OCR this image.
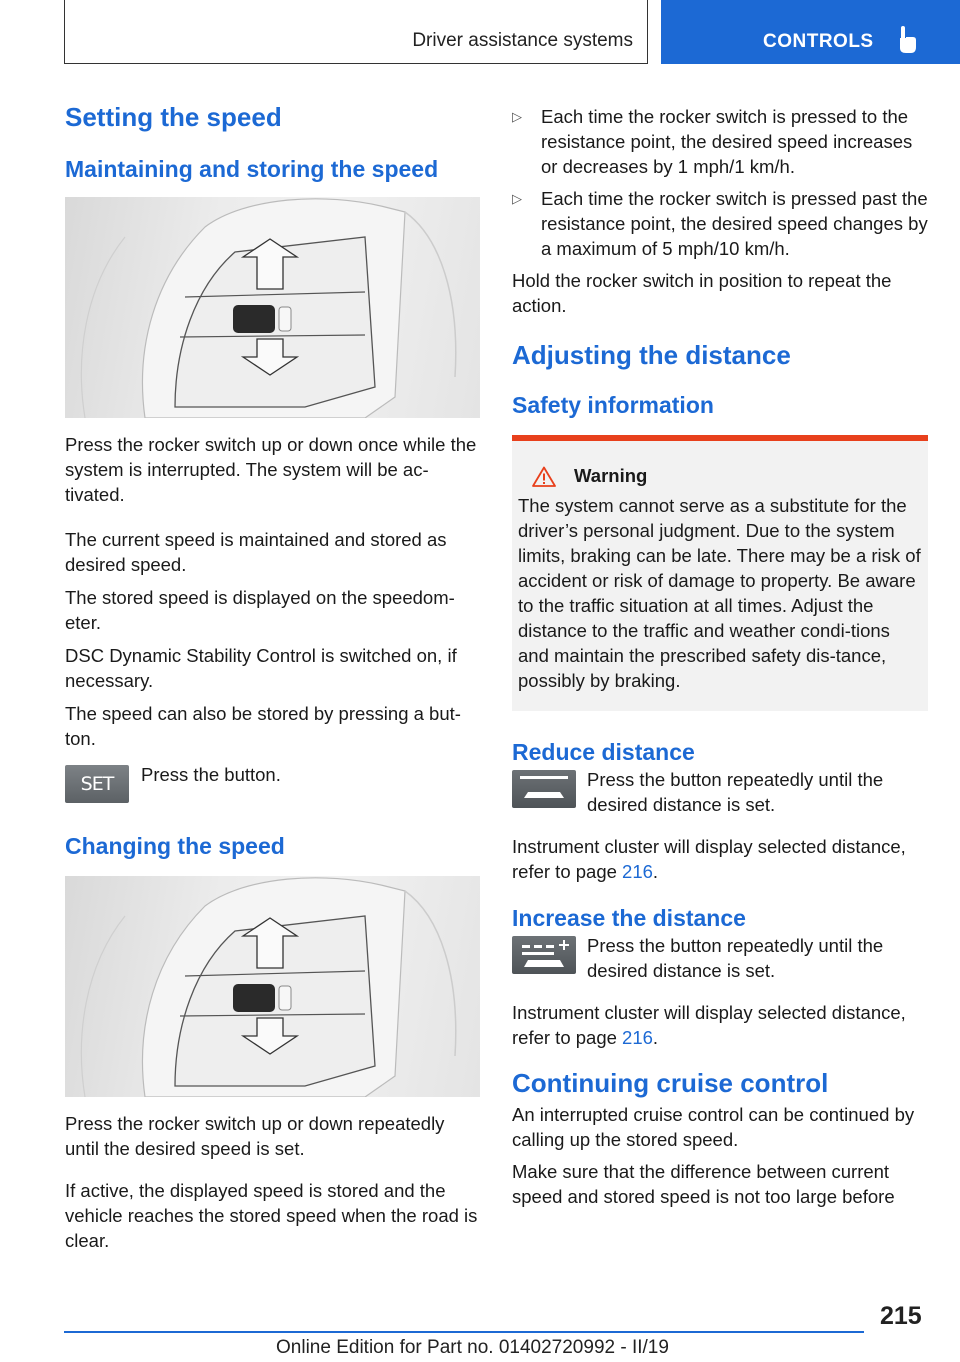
Driver assistance systems	CONTROLS
Setting the speed
Maintaining and storing the speed

Press the rocker switch up or down once while the system is interrupted. The system will be ac‐tivated.

The current speed is maintained and stored as desired speed.

The stored speed is displayed on the speedom‐eter.

DSC Dynamic Stability Control is switched on, if necessary.

The speed can also be stored by pressing a but‐ton.

SET	Press the button.

Changing the speed

Press the rocker switch up or down repeatedly until the desired speed is set.

If active, the displayed speed is stored and the vehicle reaches the stored speed when the road is clear.

▷	Each time the rocker switch is pressed to the resistance point, the desired speed increases or decreases by 1 mph/1 km/h.

▷	Each time the rocker switch is pressed past the resistance point, the desired speed changes by a maximum of 5 mph/10 km/h.

Hold the rocker switch in position to repeat the action.

Adjusting the distance
Safety information
Warning

The system cannot serve as a substitute for the driver’s personal judgment. Due to the system limits, braking can be late. There may be a risk of accident or risk of damage to property. Be aware to the traffic situation at all times. Adjust the distance to the traffic and weather condi‐tions and maintain the prescribed safety dis‐tance, possibly by braking.

Reduce distance

Press the button repeatedly until the desired distance is set.

Instrument cluster will display selected distance, refer to page 216.

Increase the distance

Press the button repeatedly until the desired distance is set.

Instrument cluster will display selected distance, refer to page 216.

Continuing cruise control

An interrupted cruise control can be continued by calling up the stored speed.

Make sure that the difference between current speed and stored speed is not too large before

215
Online Edition for Part no. 01402720992 - II/19
